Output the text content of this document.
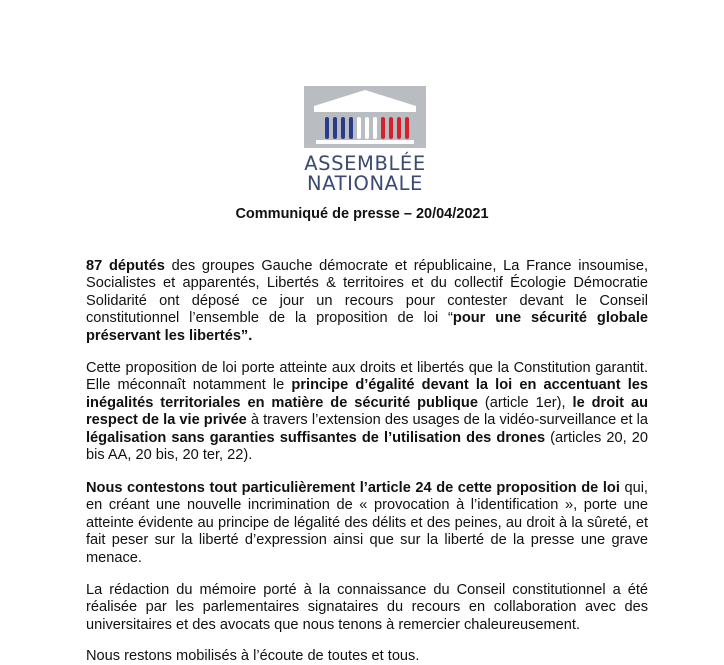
ASSEMBLÉE
NATIONALE
Communiqué de presse – 20/04/2021
87 députés des groupes Gauche démocrate et républicaine, La France insoumise, Socialistes et apparentés, Libertés & territoires et du collectif Écologie Démocratie Solidarité ont déposé ce jour un recours pour contester devant le Conseil constitutionnel l’ensemble de la proposition de loi “pour une sécurité globale préservant les libertés”.
Cette proposition de loi porte atteinte aux droits et libertés que la Constitution garantit. Elle méconnaît notamment le principe d’égalité devant la loi en accentuant les inégalités territoriales en matière de sécurité publique (article 1er), le droit au respect de la vie privée à travers l’extension des usages de la vidéo-surveillance et la légalisation sans garanties suffisantes de l’utilisation des drones (articles 20, 20 bis AA, 20 bis, 20 ter, 22).
Nous contestons tout particulièrement l’article 24 de cette proposition de loi qui, en créant une nouvelle incrimination de « provocation à l’identification », porte une atteinte évidente au principe de légalité des délits et des peines, au droit à la sûreté, et fait peser sur la liberté d’expression ainsi que sur la liberté de la presse une grave menace.
La rédaction du mémoire porté à la connaissance du Conseil constitutionnel a été réalisée par les parlementaires signataires du recours en collaboration avec des universitaires et des avocats que nous tenons à remercier chaleureusement.
Nous restons mobilisés à l’écoute de toutes et tous.
